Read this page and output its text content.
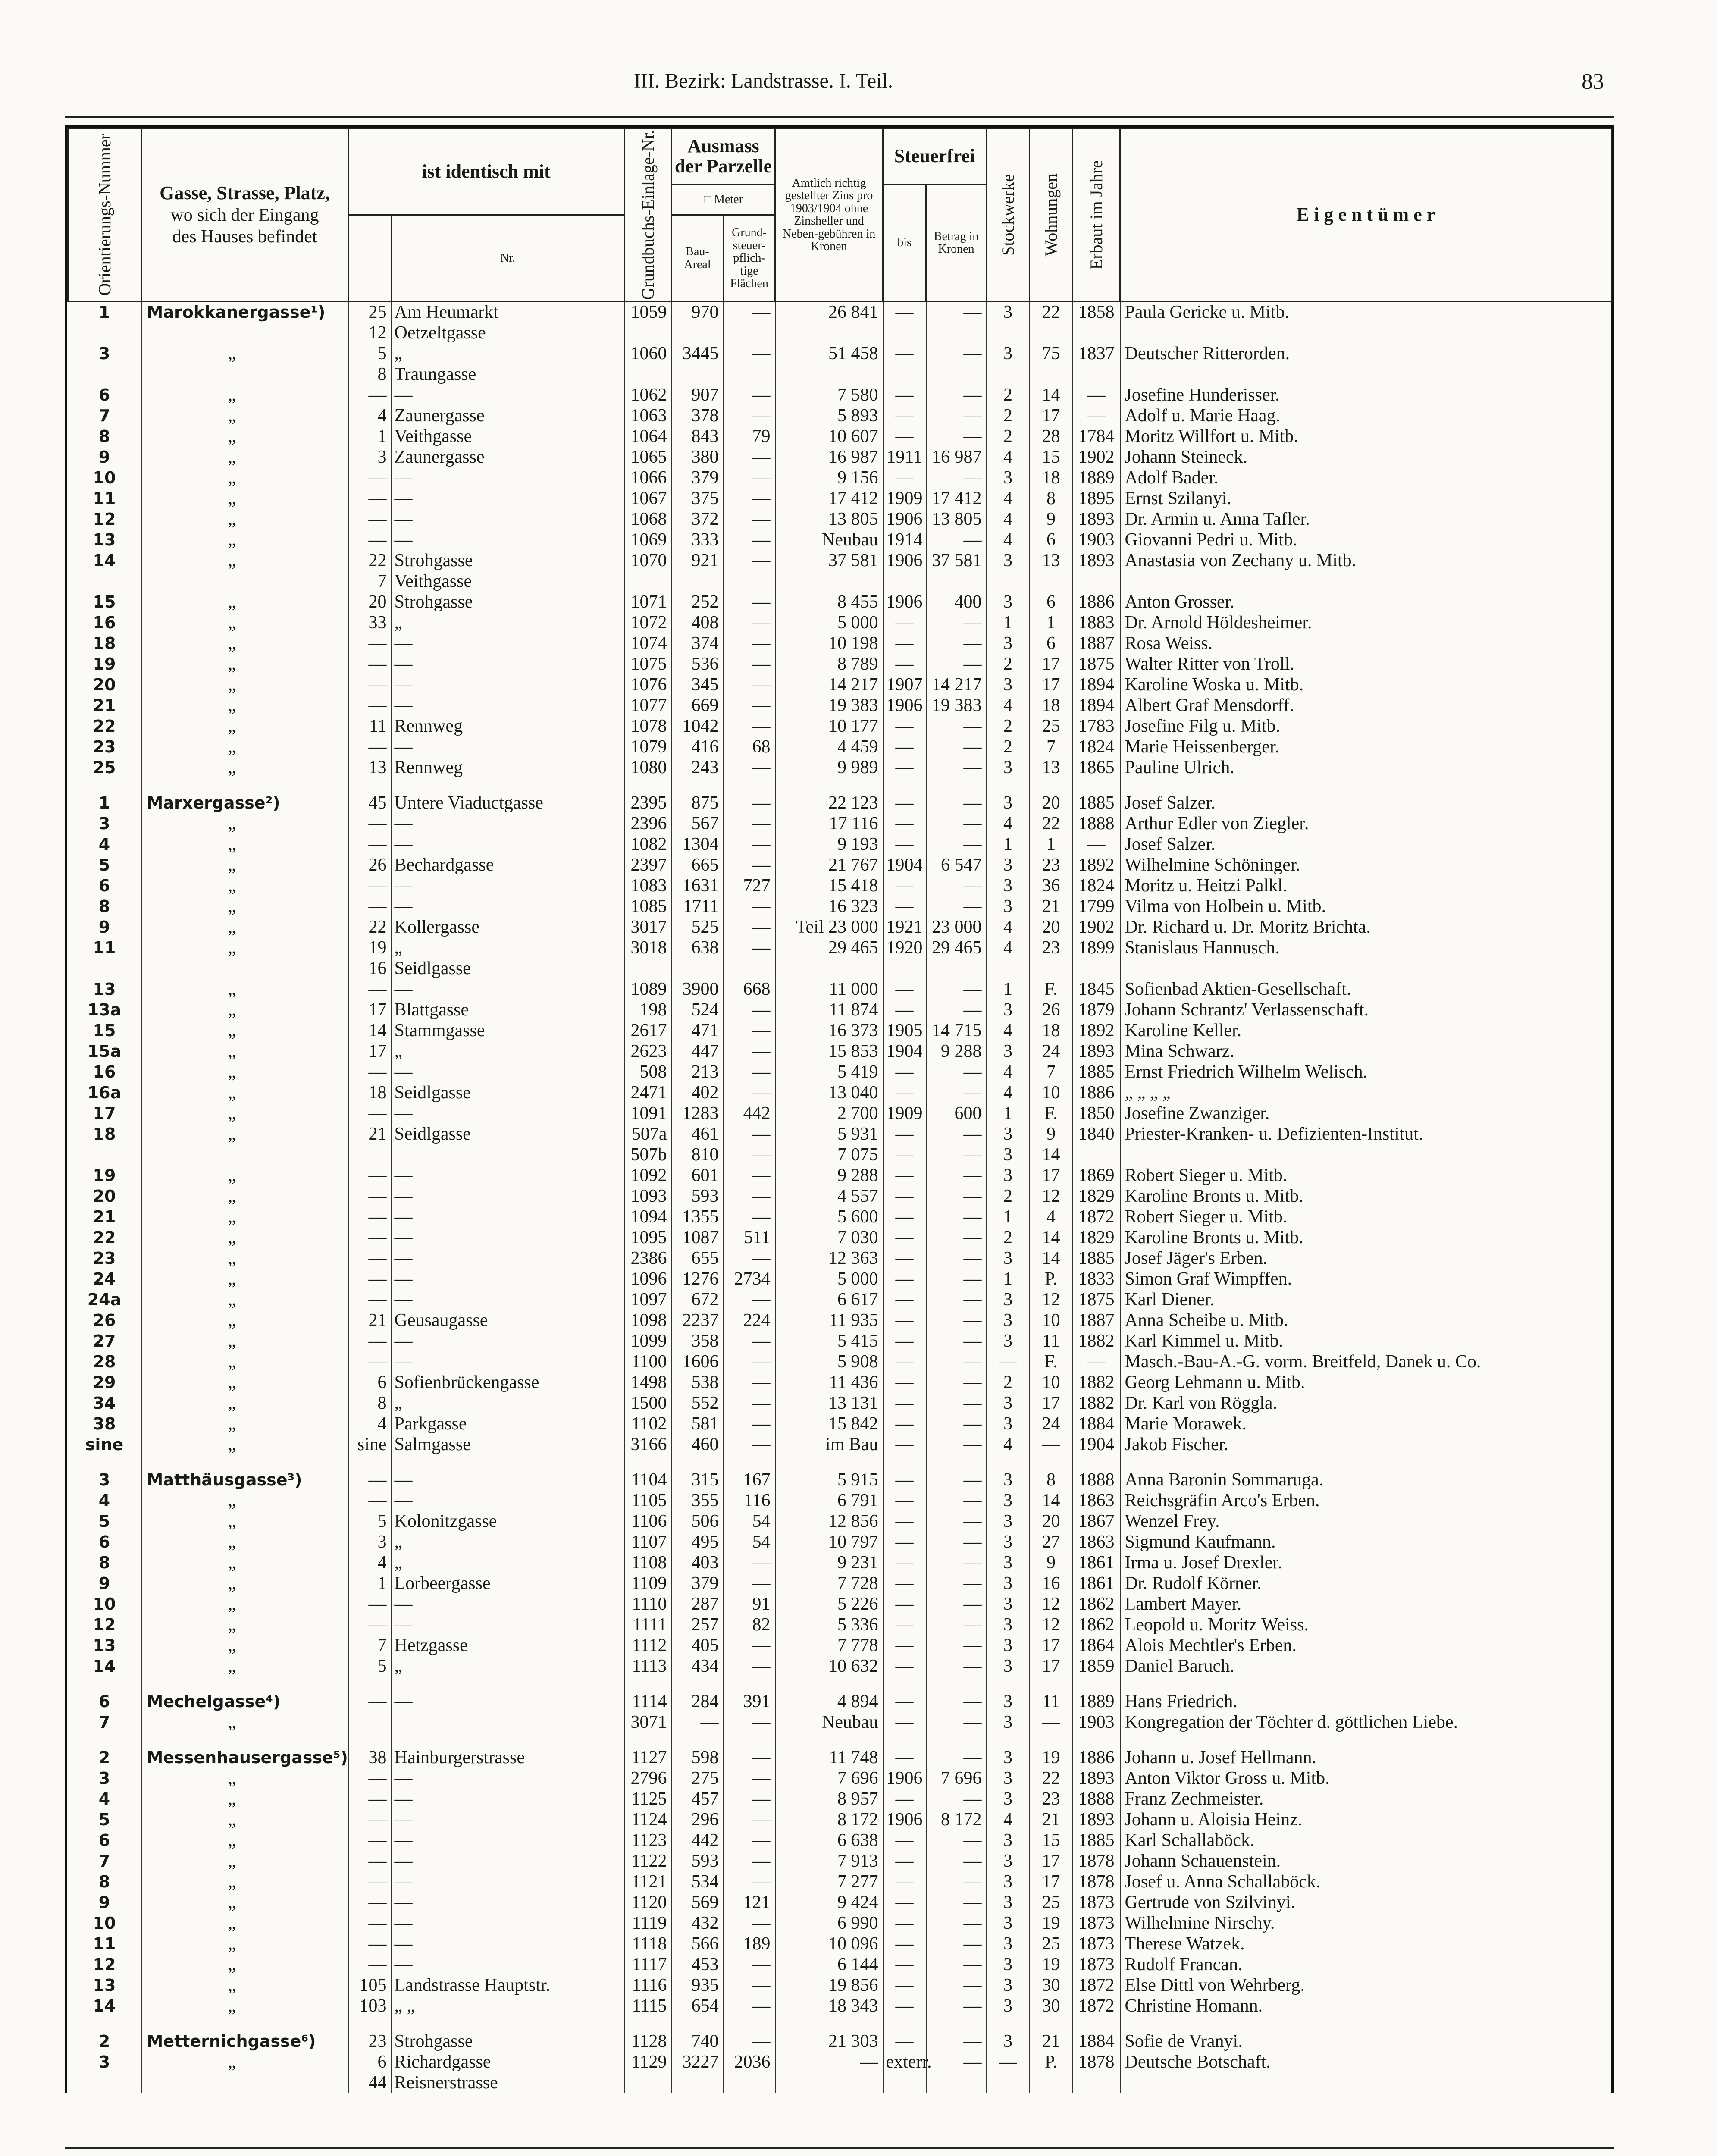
III. Bezirk: Landstrasse. I. Teil.	83
Orientierungs-Nummer	Gasse, Strasse, Platz,
wo sich der Eingang
des Hauses befindet	ist identisch mit		Grundbuchs-Einlage-Nr.	Ausmass der Parzelle		Amtlich richtig gestellter Zins pro 1903/1904 ohne Zinsheller und Neben-gebühren in Kronen	Steuerfrei		Stockwerke	Wohnungen	Erbaut im Jahre	E i g e n t ü m e r
					□ Meter			bis	Betrag in Kronen				
			Nr.		Bau-Areal	Grund-steuer-pflich-tige Flächen							
1	Marokkanergasse¹)	25	Am Heumarkt	1059	970	—	26 841	—	—	3	22	1858	Paula Gericke u. Mitb.
		12	Oetzeltgasse										
3	„	5	„	1060	3445	—	51 458	—	—	3	75	1837	Deutscher Ritterorden.
		8	Traungasse										
6	„	—	—	1062	907	—	7 580	—	—	2	14	—	Josefine Hunderisser.
7	„	4	Zaunergasse	1063	378	—	5 893	—	—	2	17	—	Adolf u. Marie Haag.
8	„	1	Veithgasse	1064	843	79	10 607	—	—	2	28	1784	Moritz Willfort u. Mitb.
9	„	3	Zaunergasse	1065	380	—	16 987	1911	16 987	4	15	1902	Johann Steineck.
10	„	—	—	1066	379	—	9 156	—	—	3	18	1889	Adolf Bader.
11	„	—	—	1067	375	—	17 412	1909	17 412	4	8	1895	Ernst Szilanyi.
12	„	—	—	1068	372	—	13 805	1906	13 805	4	9	1893	Dr. Armin u. Anna Tafler.
13	„	—	—	1069	333	—	Neubau	1914	—	4	6	1903	Giovanni Pedri u. Mitb.
14	„	22	Strohgasse	1070	921	—	37 581	1906	37 581	3	13	1893	Anastasia von Zechany u. Mitb.
		7	Veithgasse										
15	„	20	Strohgasse	1071	252	—	8 455	1906	400	3	6	1886	Anton Grosser.
16	„	33	„	1072	408	—	5 000	—	—	1	1	1883	Dr. Arnold Höldesheimer.
18	„	—	—	1074	374	—	10 198	—	—	3	6	1887	Rosa Weiss.
19	„	—	—	1075	536	—	8 789	—	—	2	17	1875	Walter Ritter von Troll.
20	„	—	—	1076	345	—	14 217	1907	14 217	3	17	1894	Karoline Woska u. Mitb.
21	„	—	—	1077	669	—	19 383	1906	19 383	4	18	1894	Albert Graf Mensdorff.
22	„	11	Rennweg	1078	1042	—	10 177	—	—	2	25	1783	Josefine Filg u. Mitb.
23	„	—	—	1079	416	68	4 459	—	—	2	7	1824	Marie Heissenberger.
25	„	13	Rennweg	1080	243	—	9 989	—	—	3	13	1865	Pauline Ulrich.

1	Marxergasse²)	45	Untere Viaductgasse	2395	875	—	22 123	—	—	3	20	1885	Josef Salzer.
3	„	—	—	2396	567	—	17 116	—	—	4	22	1888	Arthur Edler von Ziegler.
4	„	—	—	1082	1304	—	9 193	—	—	1	1	—	Josef Salzer.
5	„	26	Bechardgasse	2397	665	—	21 767	1904	6 547	3	23	1892	Wilhelmine Schöninger.
6	„	—	—	1083	1631	727	15 418	—	—	3	36	1824	Moritz u. Heitzi Palkl.
8	„	—	—	1085	1711	—	16 323	—	—	3	21	1799	Vilma von Holbein u. Mitb.
9	„	22	Kollergasse	3017	525	—	Teil 23 000	1921	23 000	4	20	1902	Dr. Richard u. Dr. Moritz Brichta.
11	„	19	„	3018	638	—	29 465	1920	29 465	4	23	1899	Stanislaus Hannusch.
		16	Seidlgasse										
13	„	—	—	1089	3900	668	11 000	—	—	1	F.	1845	Sofienbad Aktien-Gesellschaft.
13a	„	17	Blattgasse	198	524	—	11 874	—	—	3	26	1879	Johann Schrantz' Verlassenschaft.
15	„	14	Stammgasse	2617	471	—	16 373	1905	14 715	4	18	1892	Karoline Keller.
15a	„	17	„	2623	447	—	15 853	1904	9 288	3	24	1893	Mina Schwarz.
16	„	—	—	508	213	—	5 419	—	—	4	7	1885	Ernst Friedrich Wilhelm Welisch.
16a	„	18	Seidlgasse	2471	402	—	13 040	—	—	4	10	1886	„ „ „ „
17	„	—	—	1091	1283	442	2 700	1909	600	1	F.	1850	Josefine Zwanziger.
18	„	21	Seidlgasse	507a	461	—	5 931	—	—	3	9	1840	Priester-Kranken- u. Defizienten-Institut.
				507b	810	—	7 075	—	—	3	14		
19	„	—	—	1092	601	—	9 288	—	—	3	17	1869	Robert Sieger u. Mitb.
20	„	—	—	1093	593	—	4 557	—	—	2	12	1829	Karoline Bronts u. Mitb.
21	„	—	—	1094	1355	—	5 600	—	—	1	4	1872	Robert Sieger u. Mitb.
22	„	—	—	1095	1087	511	7 030	—	—	2	14	1829	Karoline Bronts u. Mitb.
23	„	—	—	2386	655	—	12 363	—	—	3	14	1885	Josef Jäger's Erben.
24	„	—	—	1096	1276	2734	5 000	—	—	1	P.	1833	Simon Graf Wimpffen.
24a	„	—	—	1097	672	—	6 617	—	—	3	12	1875	Karl Diener.
26	„	21	Geusaugasse	1098	2237	224	11 935	—	—	3	10	1887	Anna Scheibe u. Mitb.
27	„	—	—	1099	358	—	5 415	—	—	3	11	1882	Karl Kimmel u. Mitb.
28	„	—	—	1100	1606	—	5 908	—	—	—	F.	—	Masch.-Bau-A.-G. vorm. Breitfeld, Danek u. Co.
29	„	6	Sofienbrückengasse	1498	538	—	11 436	—	—	2	10	1882	Georg Lehmann u. Mitb.
34	„	8	„	1500	552	—	13 131	—	—	3	17	1882	Dr. Karl von Röggla.
38	„	4	Parkgasse	1102	581	—	15 842	—	—	3	24	1884	Marie Morawek.
sine	„	sine	Salmgasse	3166	460	—	im Bau	—	—	4	—	1904	Jakob Fischer.

3	Matthäusgasse³)	—	—	1104	315	167	5 915	—	—	3	8	1888	Anna Baronin Sommaruga.
4	„	—	—	1105	355	116	6 791	—	—	3	14	1863	Reichsgräfin Arco's Erben.
5	„	5	Kolonitzgasse	1106	506	54	12 856	—	—	3	20	1867	Wenzel Frey.
6	„	3	„	1107	495	54	10 797	—	—	3	27	1863	Sigmund Kaufmann.
8	„	4	„	1108	403	—	9 231	—	—	3	9	1861	Irma u. Josef Drexler.
9	„	1	Lorbeergasse	1109	379	—	7 728	—	—	3	16	1861	Dr. Rudolf Körner.
10	„	—	—	1110	287	91	5 226	—	—	3	12	1862	Lambert Mayer.
12	„	—	—	1111	257	82	5 336	—	—	3	12	1862	Leopold u. Moritz Weiss.
13	„	7	Hetzgasse	1112	405	—	7 778	—	—	3	17	1864	Alois Mechtler's Erben.
14	„	5	„	1113	434	—	10 632	—	—	3	17	1859	Daniel Baruch.

6	Mechelgasse⁴)	—	—	1114	284	391	4 894	—	—	3	11	1889	Hans Friedrich.
7	„			3071	—	—	Neubau	—	—	3	—	1903	Kongregation der Töchter d. göttlichen Liebe.

2	Messenhausergasse⁵)	38	Hainburgerstrasse	1127	598	—	11 748	—	—	3	19	1886	Johann u. Josef Hellmann.
3	„	—	—	2796	275	—	7 696	1906	7 696	3	22	1893	Anton Viktor Gross u. Mitb.
4	„	—	—	1125	457	—	8 957	—	—	3	23	1888	Franz Zechmeister.
5	„	—	—	1124	296	—	8 172	1906	8 172	4	21	1893	Johann u. Aloisia Heinz.
6	„	—	—	1123	442	—	6 638	—	—	3	15	1885	Karl Schallaböck.
7	„	—	—	1122	593	—	7 913	—	—	3	17	1878	Johann Schauenstein.
8	„	—	—	1121	534	—	7 277	—	—	3	17	1878	Josef u. Anna Schallaböck.
9	„	—	—	1120	569	121	9 424	—	—	3	25	1873	Gertrude von Szilvinyi.
10	„	—	—	1119	432	—	6 990	—	—	3	19	1873	Wilhelmine Nirschy.
11	„	—	—	1118	566	189	10 096	—	—	3	25	1873	Therese Watzek.
12	„	—	—	1117	453	—	6 144	—	—	3	19	1873	Rudolf Francan.
13	„	105	Landstrasse Hauptstr.	1116	935	—	19 856	—	—	3	30	1872	Else Dittl von Wehrberg.
14	„	103	„ „	1115	654	—	18 343	—	—	3	30	1872	Christine Homann.

2	Metternichgasse⁶)	23	Strohgasse	1128	740	—	21 303	—	—	3	21	1884	Sofie de Vranyi.
3	„	6	Richardgasse	1129	3227	2036	—	exterr.	—	—	P.	1878	Deutsche Botschaft.
		44	Reisnerstrasse										
